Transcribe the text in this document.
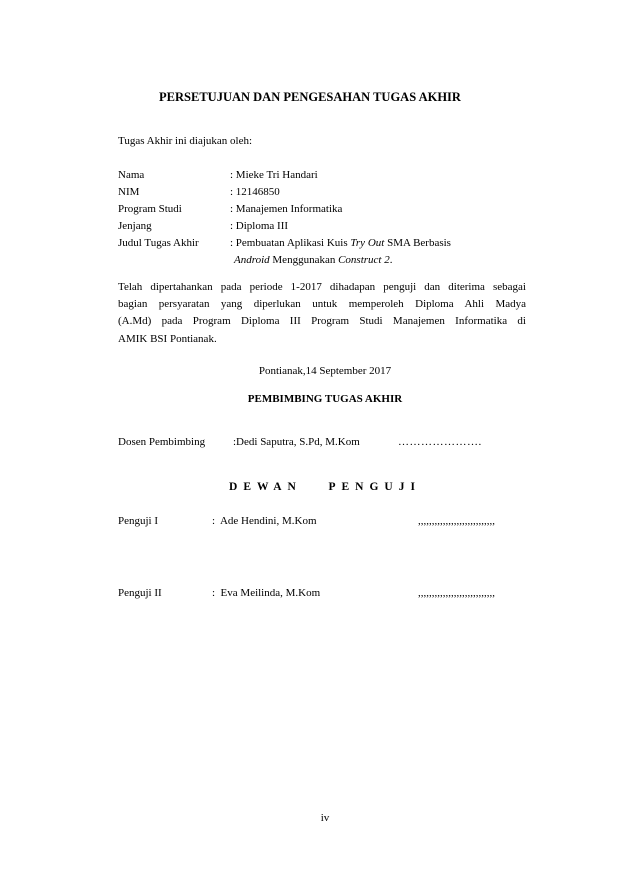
PERSETUJUAN DAN PENGESAHAN TUGAS AKHIR
Tugas Akhir ini diajukan oleh:
Nama	: Mieke Tri Handari
NIM	: 12146850
Program Studi	: Manajemen Informatika
Jenjang	: Diploma III
Judul Tugas Akhir	: Pembuatan Aplikasi Kuis Try Out SMA Berbasis
Android Menggunakan Construct 2.
Telah dipertahankan pada periode 1-2017 dihadapan penguji dan diterima sebagai
bagian persyaratan yang diperlukan untuk memperoleh Diploma Ahli Madya
(A.Md) pada Program Diploma III Program Studi Manajemen Informatika di
AMIK BSI Pontianak.
Pontianak,14 September 2017
PEMBIMBING TUGAS AKHIR
Dosen Pembimbing	:Dedi Saputra, S.Pd, M.Kom	………………….
DEWAN   PENGUJI
Penguji I	:  Ade Hendini, M.Kom	,,,,,,,,,,,,,,,,,,,,,,,,,,,,
Penguji II	:  Eva Meilinda, M.Kom	,,,,,,,,,,,,,,,,,,,,,,,,,,,,
iv
